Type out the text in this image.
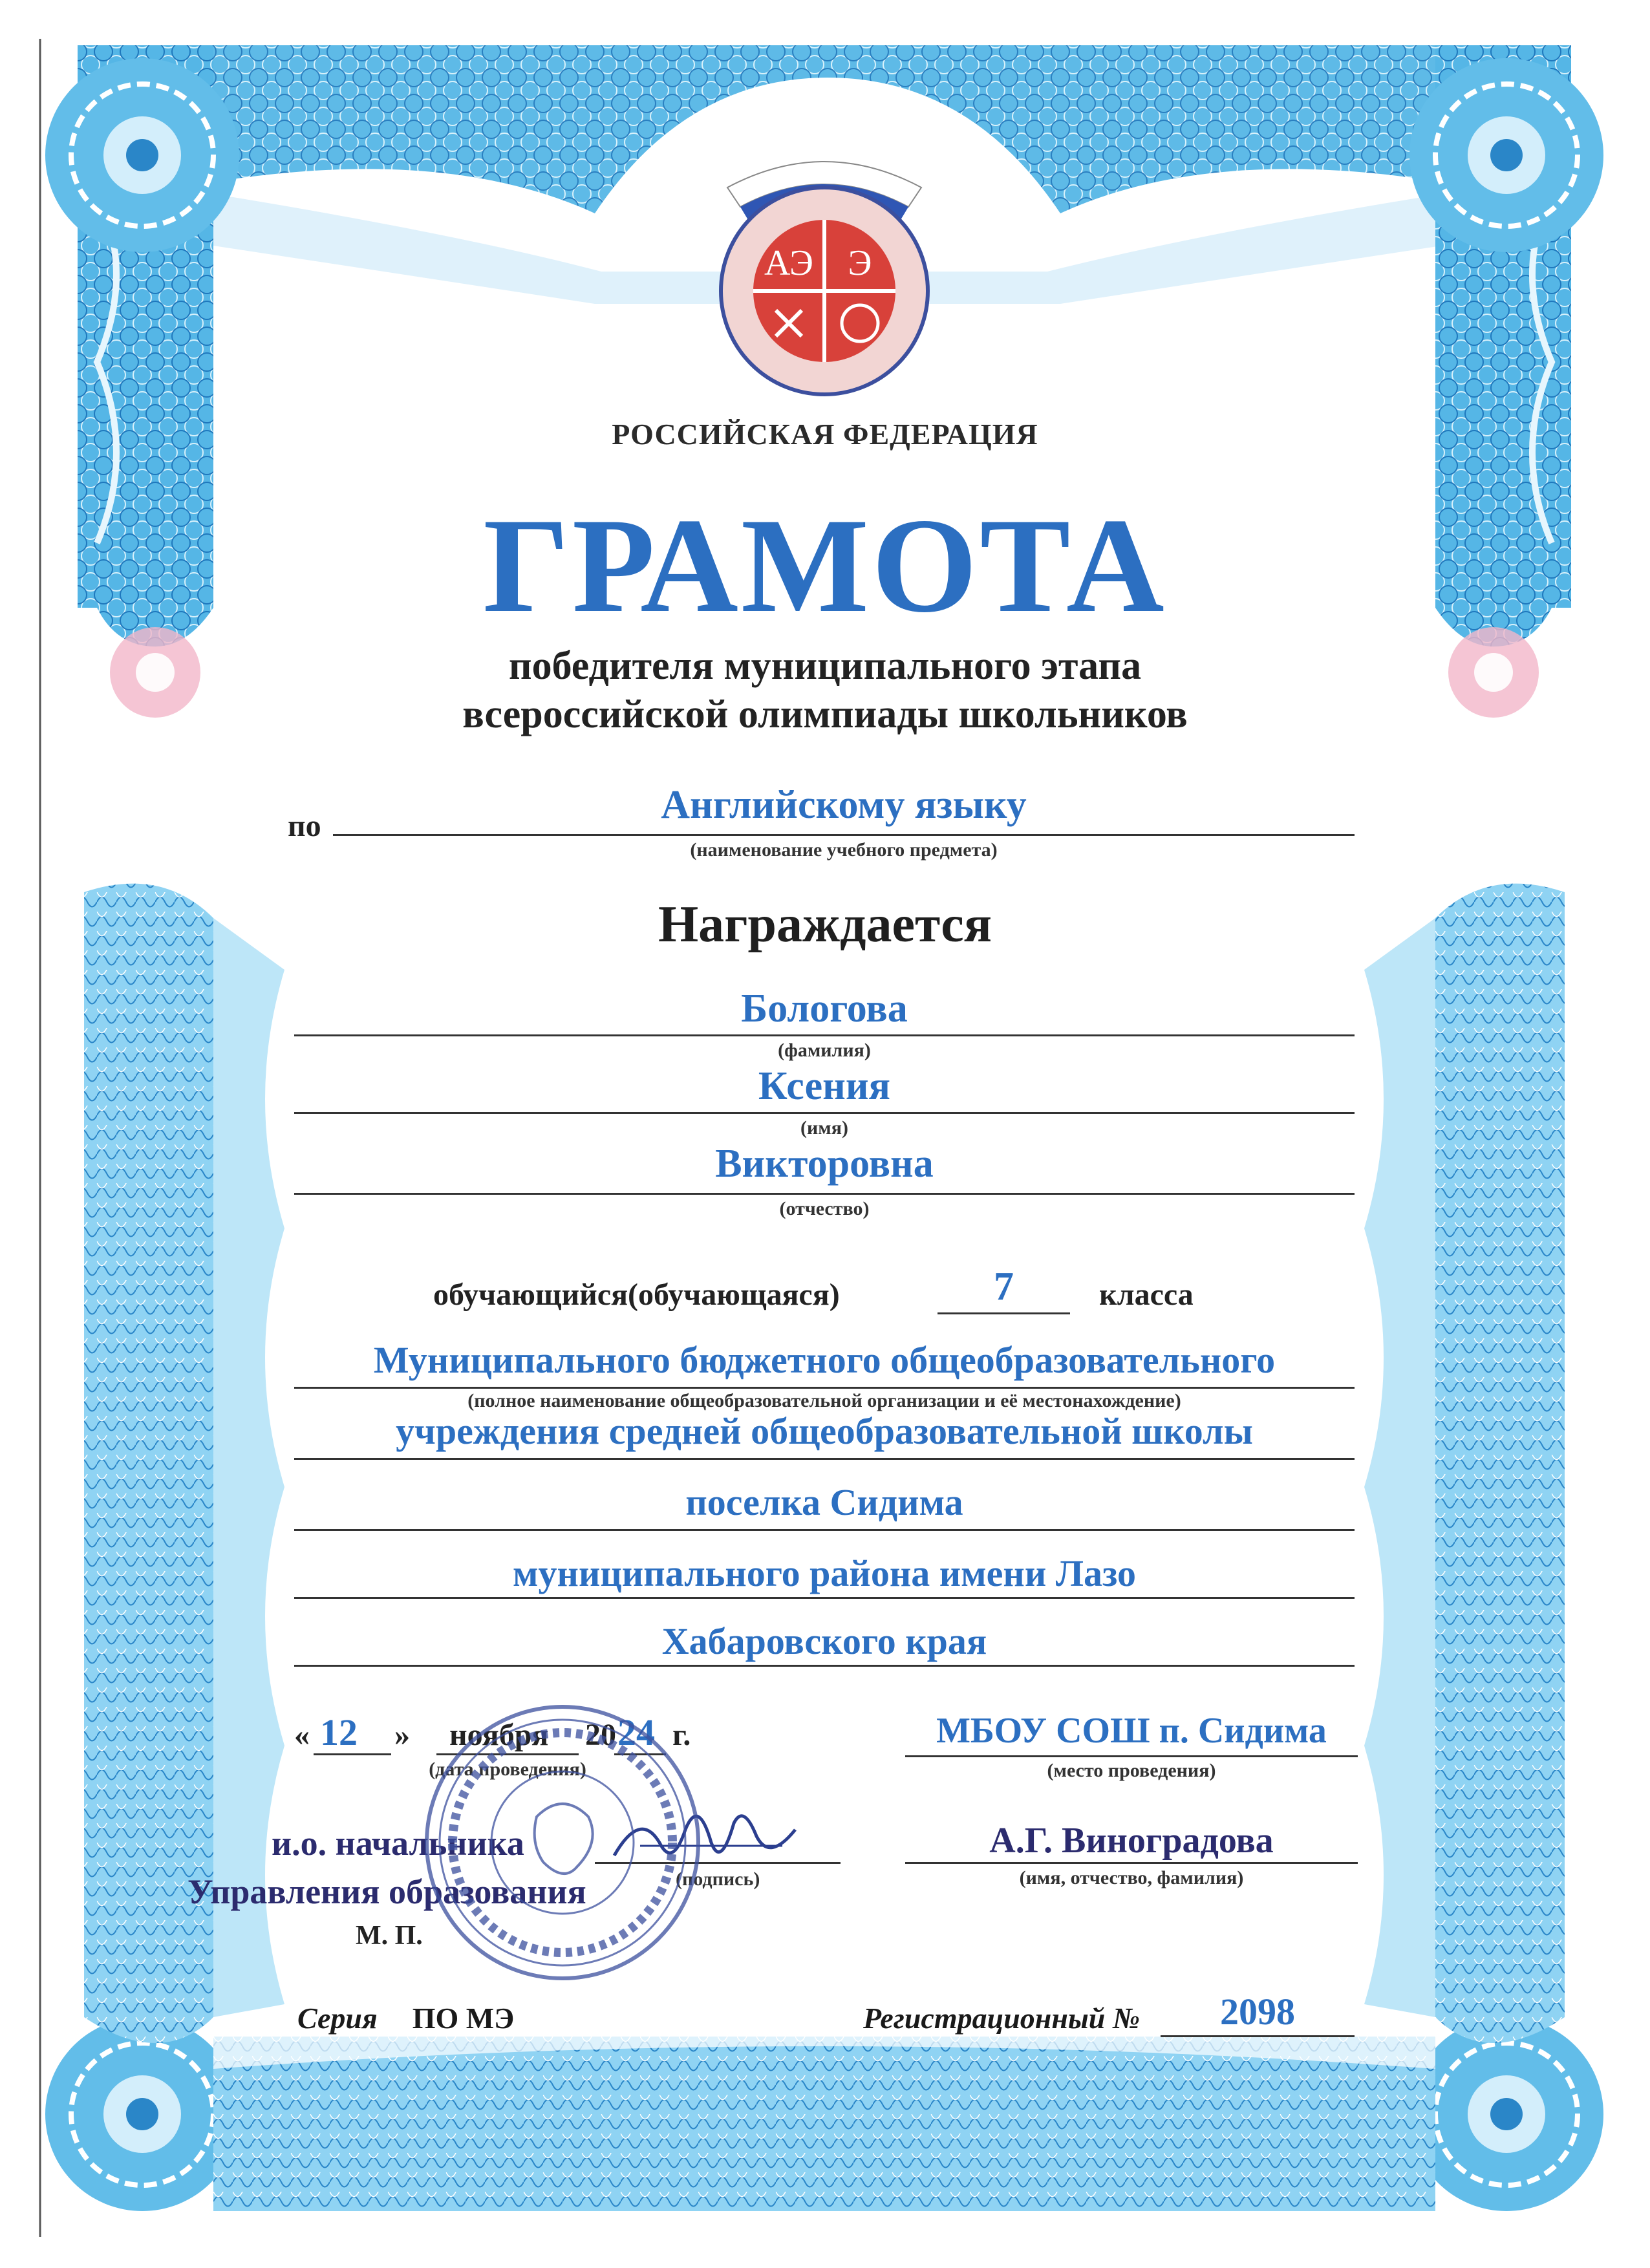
АЭ Э
РОССИЙСКАЯ ФЕДЕРАЦИЯ
ГРАМОТА
победителя муниципального этапа
всероссийской олимпиады школьников
по	Английскому языку
(наименование учебного предмета)
Награждается
Бологова
(фамилия)
Ксения
(имя)
Викторовна
(отчество)
обучающийся(обучающаяся)	7	класса
Муниципального бюджетного общеобразовательного
(полное наименование общеобразовательной организации и её местонахождение)
учреждения средней общеобразовательной школы
поселка Сидима
муниципального района имени Лазо
Хабаровского края
« 12 » ноября 20 24 г.
(дата проведения)
МБОУ СОШ п. Сидима
(место проведения)
и.о. начальника
Управления образования	(подпись)
А.Г. Виноградова
(имя, отчество, фамилия)
М. П.
Серия ПО МЭ	Регистрационный №	2098
